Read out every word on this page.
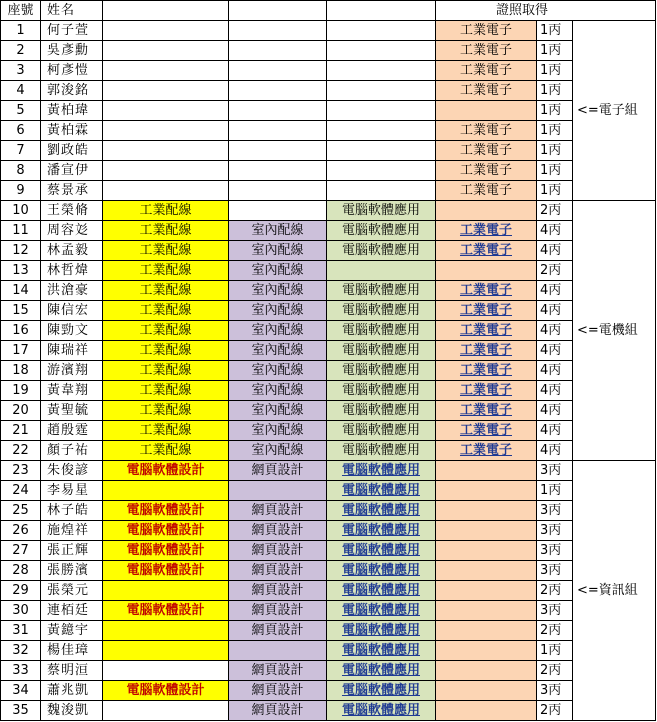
座號	姓名				證照取得		
1	何子萱				工業電子	1丙	<=電子組
2	吳彥勳				工業電子	1丙	
3	柯彥愷				工業電子	1丙	
4	郭浚銘				工業電子	1丙	
5	黃柏瑋					1丙	
6	黃柏霖				工業電子	1丙	
7	劉政皓				工業電子	1丙	
8	潘宣伊				工業電子	1丙	
9	蔡景承				工業電子	1丙	
10	王榮脩	工業配線		電腦軟體應用		2丙	<=電機組
11	周容彣	工業配線	室內配線	電腦軟體應用	工業電子	4丙	
12	林孟毅	工業配線	室內配線	電腦軟體應用	工業電子	4丙	
13	林哲煒	工業配線	室內配線			2丙	
14	洪滄豪	工業配線	室內配線	電腦軟體應用	工業電子	4丙	
15	陳信宏	工業配線	室內配線	電腦軟體應用	工業電子	4丙	
16	陳勁文	工業配線	室內配線	電腦軟體應用	工業電子	4丙	
17	陳瑞祥	工業配線	室內配線	電腦軟體應用	工業電子	4丙	
18	游濱翔	工業配線	室內配線	電腦軟體應用	工業電子	4丙	
19	黃韋翔	工業配線	室內配線	電腦軟體應用	工業電子	4丙	
20	黃聖毓	工業配線	室內配線	電腦軟體應用	工業電子	4丙	
21	趙殷霆	工業配線	室內配線	電腦軟體應用	工業電子	4丙	
22	顏子祐	工業配線	室內配線	電腦軟體應用	工業電子	4丙	
23	朱俊諺	電腦軟體設計	網頁設計	電腦軟體應用		3丙	<=資訊組
24	李易星			電腦軟體應用		1丙	
25	林子皓	電腦軟體設計	網頁設計	電腦軟體應用		3丙	
26	施煌祥	電腦軟體設計	網頁設計	電腦軟體應用		3丙	
27	張正輝	電腦軟體設計	網頁設計	電腦軟體應用		3丙	
28	張勝濱	電腦軟體設計	網頁設計	電腦軟體應用		3丙	
29	張榮元		網頁設計	電腦軟體應用		2丙	
30	連栢廷	電腦軟體設計	網頁設計	電腦軟體應用		3丙	
31	黃鐿宇		網頁設計	電腦軟體應用		2丙	
32	楊佳璋			電腦軟體應用		1丙	
33	蔡明洹		網頁設計	電腦軟體應用		2丙	
34	蕭兆凱	電腦軟體設計	網頁設計	電腦軟體應用		3丙	
35	魏浚凱		網頁設計	電腦軟體應用		2丙	
